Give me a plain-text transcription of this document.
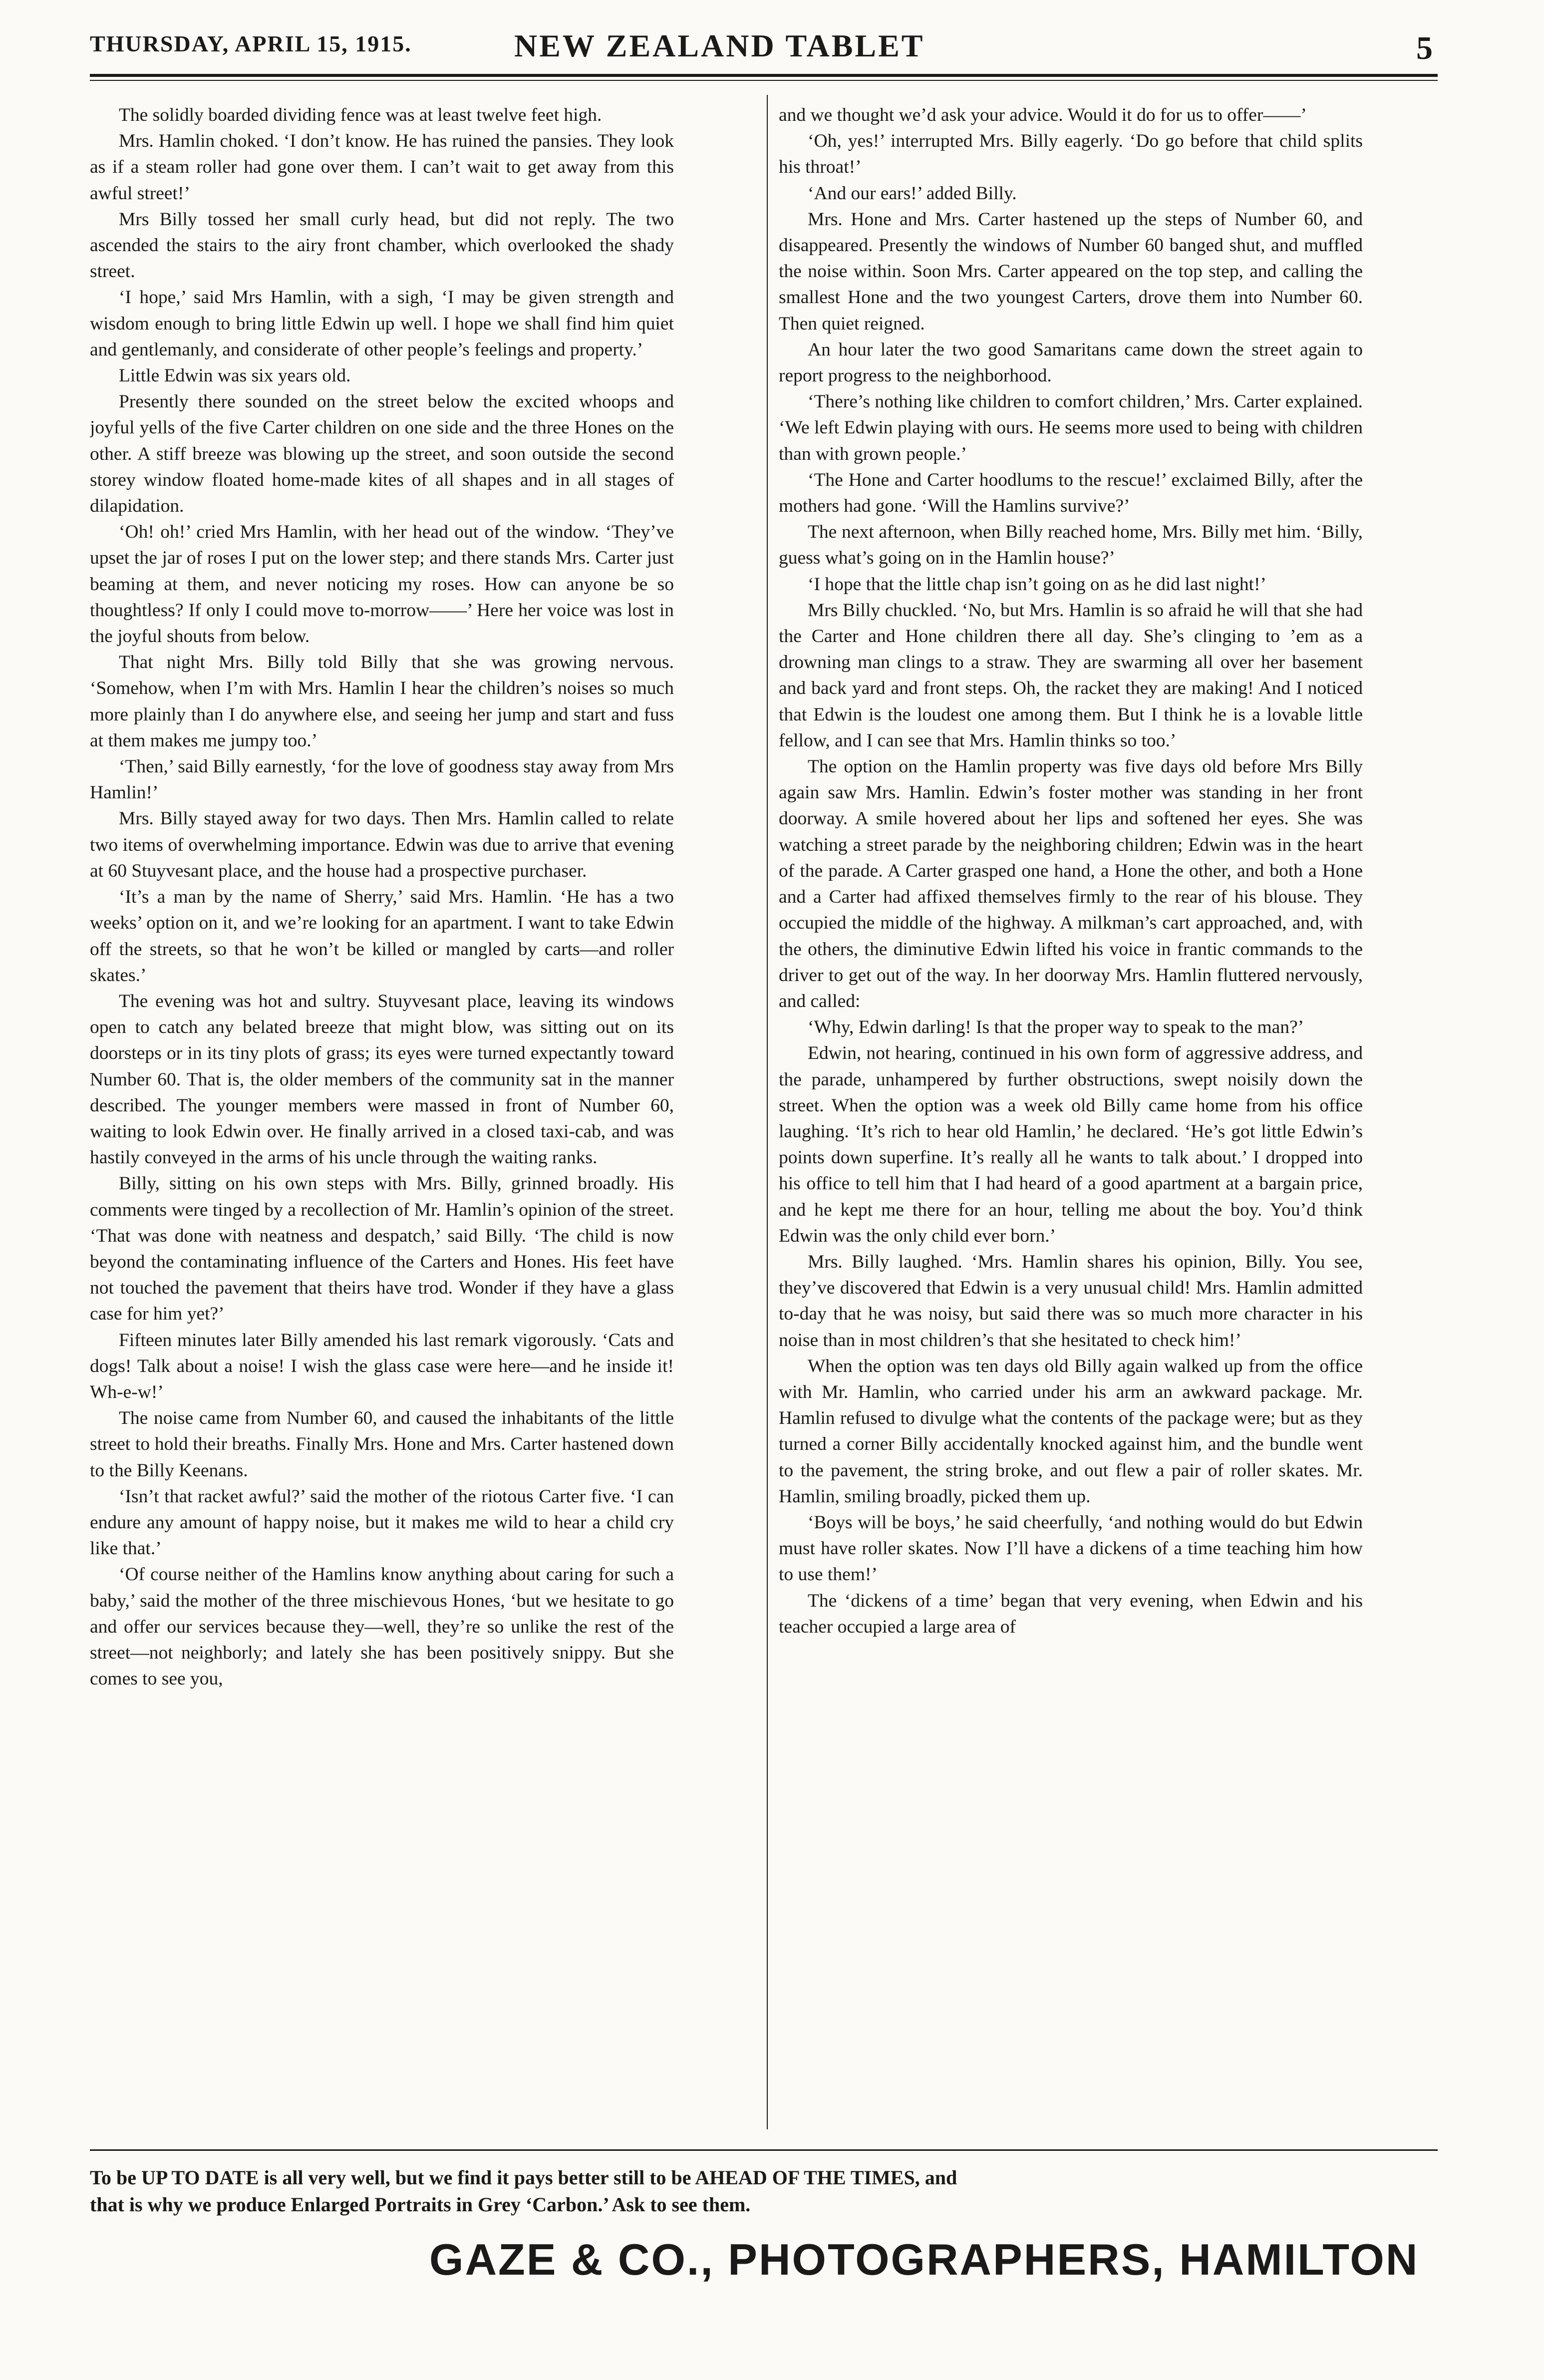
THURSDAY, APRIL 15, 1915.	NEW ZEALAND TABLET	5

The solidly boarded dividing fence was at least twelve feet high.

Mrs. Hamlin choked. ‘I don’t know. He has ruined the pansies. They look as if a steam roller had gone over them. I can’t wait to get away from this awful street!’

Mrs Billy tossed her small curly head, but did not reply. The two ascended the stairs to the airy front chamber, which overlooked the shady street.

‘I hope,’ said Mrs Hamlin, with a sigh, ‘I may be given strength and wisdom enough to bring little Edwin up well. I hope we shall find him quiet and gentlemanly, and considerate of other people’s feelings and property.’

Little Edwin was six years old.

Presently there sounded on the street below the excited whoops and joyful yells of the five Carter children on one side and the three Hones on the other. A stiff breeze was blowing up the street, and soon outside the second storey window floated home-made kites of all shapes and in all stages of dilapidation.

‘Oh! oh!’ cried Mrs Hamlin, with her head out of the window. ‘They’ve upset the jar of roses I put on the lower step; and there stands Mrs. Carter just beaming at them, and never noticing my roses. How can anyone be so thoughtless? If only I could move to-morrow——’ Here her voice was lost in the joyful shouts from below.

That night Mrs. Billy told Billy that she was growing nervous. ‘Somehow, when I’m with Mrs. Hamlin I hear the children’s noises so much more plainly than I do anywhere else, and seeing her jump and start and fuss at them makes me jumpy too.’

‘Then,’ said Billy earnestly, ‘for the love of goodness stay away from Mrs Hamlin!’

Mrs. Billy stayed away for two days. Then Mrs. Hamlin called to relate two items of overwhelming importance. Edwin was due to arrive that evening at 60 Stuyvesant place, and the house had a prospective purchaser.

‘It’s a man by the name of Sherry,’ said Mrs. Hamlin. ‘He has a two weeks’ option on it, and we’re looking for an apartment. I want to take Edwin off the streets, so that he won’t be killed or mangled by carts—and roller skates.’

The evening was hot and sultry. Stuyvesant place, leaving its windows open to catch any belated breeze that might blow, was sitting out on its doorsteps or in its tiny plots of grass; its eyes were turned expectantly toward Number 60. That is, the older members of the community sat in the manner described. The younger members were massed in front of Number 60, waiting to look Edwin over. He finally arrived in a closed taxi-cab, and was hastily conveyed in the arms of his uncle through the waiting ranks.

Billy, sitting on his own steps with Mrs. Billy, grinned broadly. His comments were tinged by a recollection of Mr. Hamlin’s opinion of the street. ‘That was done with neatness and despatch,’ said Billy. ‘The child is now beyond the contaminating influence of the Carters and Hones. His feet have not touched the pavement that theirs have trod. Wonder if they have a glass case for him yet?’

Fifteen minutes later Billy amended his last remark vigorously. ‘Cats and dogs! Talk about a noise! I wish the glass case were here—and he inside it! Wh-e-w!’

The noise came from Number 60, and caused the inhabitants of the little street to hold their breaths. Finally Mrs. Hone and Mrs. Carter hastened down to the Billy Keenans.

‘Isn’t that racket awful?’ said the mother of the riotous Carter five. ‘I can endure any amount of happy noise, but it makes me wild to hear a child cry like that.’

‘Of course neither of the Hamlins know anything about caring for such a baby,’ said the mother of the three mischievous Hones, ‘but we hesitate to go and offer our services because they—well, they’re so unlike the rest of the street—not neighborly; and lately she has been positively snippy. But she comes to see you,

and we thought we’d ask your advice. Would it do for us to offer——’

‘Oh, yes!’ interrupted Mrs. Billy eagerly. ‘Do go before that child splits his throat!’

‘And our ears!’ added Billy.

Mrs. Hone and Mrs. Carter hastened up the steps of Number 60, and disappeared. Presently the windows of Number 60 banged shut, and muffled the noise within. Soon Mrs. Carter appeared on the top step, and calling the smallest Hone and the two youngest Carters, drove them into Number 60. Then quiet reigned.

An hour later the two good Samaritans came down the street again to report progress to the neighborhood.

‘There’s nothing like children to comfort children,’ Mrs. Carter explained. ‘We left Edwin playing with ours. He seems more used to being with children than with grown people.’

‘The Hone and Carter hoodlums to the rescue!’ exclaimed Billy, after the mothers had gone. ‘Will the Hamlins survive?’

The next afternoon, when Billy reached home, Mrs. Billy met him. ‘Billy, guess what’s going on in the Hamlin house?’

‘I hope that the little chap isn’t going on as he did last night!’

Mrs Billy chuckled. ‘No, but Mrs. Hamlin is so afraid he will that she had the Carter and Hone children there all day. She’s clinging to ’em as a drowning man clings to a straw. They are swarming all over her basement and back yard and front steps. Oh, the racket they are making! And I noticed that Edwin is the loudest one among them. But I think he is a lovable little fellow, and I can see that Mrs. Hamlin thinks so too.’

The option on the Hamlin property was five days old before Mrs Billy again saw Mrs. Hamlin. Edwin’s foster mother was standing in her front doorway. A smile hovered about her lips and softened her eyes. She was watching a street parade by the neighboring children; Edwin was in the heart of the parade. A Carter grasped one hand, a Hone the other, and both a Hone and a Carter had affixed themselves firmly to the rear of his blouse. They occupied the middle of the highway. A milkman’s cart approached, and, with the others, the diminutive Edwin lifted his voice in frantic commands to the driver to get out of the way. In her doorway Mrs. Hamlin fluttered nervously, and called:

‘Why, Edwin darling! Is that the proper way to speak to the man?’

Edwin, not hearing, continued in his own form of aggressive address, and the parade, unhampered by further obstructions, swept noisily down the street. When the option was a week old Billy came home from his office laughing. ‘It’s rich to hear old Hamlin,’ he declared. ‘He’s got little Edwin’s points down superfine. It’s really all he wants to talk about.’ I dropped into his office to tell him that I had heard of a good apartment at a bargain price, and he kept me there for an hour, telling me about the boy. You’d think Edwin was the only child ever born.’

Mrs. Billy laughed. ‘Mrs. Hamlin shares his opinion, Billy. You see, they’ve discovered that Edwin is a very unusual child! Mrs. Hamlin admitted to-day that he was noisy, but said there was so much more character in his noise than in most children’s that she hesitated to check him!’

When the option was ten days old Billy again walked up from the office with Mr. Hamlin, who carried under his arm an awkward package. Mr. Hamlin refused to divulge what the contents of the package were; but as they turned a corner Billy accidentally knocked against him, and the bundle went to the pavement, the string broke, and out flew a pair of roller skates. Mr. Hamlin, smiling broadly, picked them up.

‘Boys will be boys,’ he said cheerfully, ‘and nothing would do but Edwin must have roller skates. Now I’ll have a dickens of a time teaching him how to use them!’

The ‘dickens of a time’ began that very evening, when Edwin and his teacher occupied a large area of

To be UP TO DATE is all very well, but we find it pays better still to be AHEAD OF THE TIMES, and
that is why we produce Enlarged Portraits in Grey ‘Carbon.’ Ask to see them.
GAZE & CO., PHOTOGRAPHERS, HAMILTON
